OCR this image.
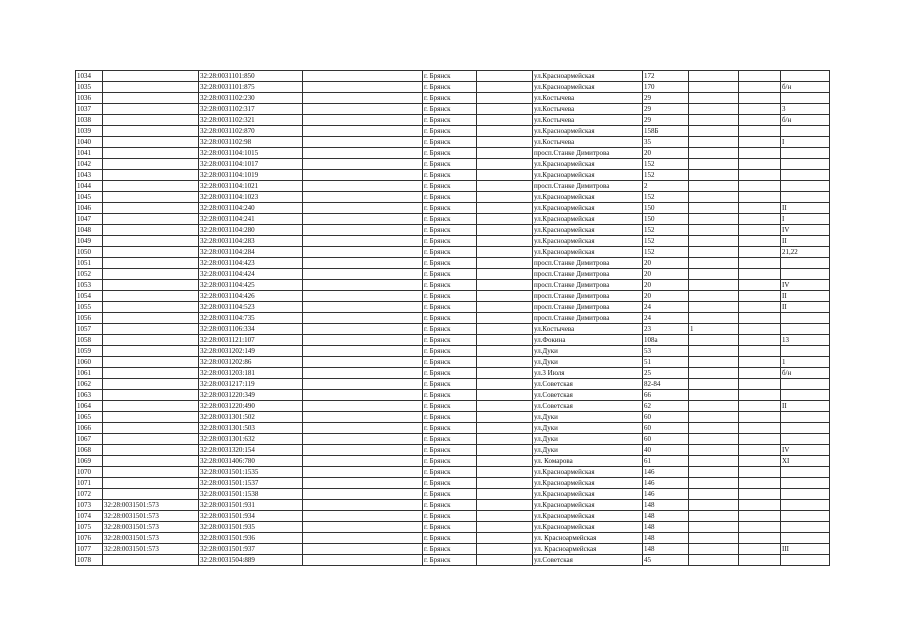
1034		32:28:0031101:850		г. Брянск		ул.Красноармейская	172			
1035		32:28:0031101:875		г. Брянск		ул.Красноармейская	170			б/н
1036		32:28:0031102:230		г. Брянск		ул.Костычева	29			
1037		32:28:0031102:317		г. Брянск		ул.Костычева	29			3
1038		32:28:0031102:321		г. Брянск		ул.Костычева	29			б/н
1039		32:28:0031102:870		г. Брянск		ул.Красноармейская	158Б			
1040		32:28:0031102:98		г. Брянск		ул.Костычева	35			I
1041		32:28:0031104:1015		г. Брянск		просп.Станке Димитрова	20			
1042		32:28:0031104:1017		г. Брянск		ул.Красноармейская	152			
1043		32:28:0031104:1019		г. Брянск		ул.Красноармейская	152			
1044		32:28:0031104:1021		г. Брянск		просп.Станке Димитрова	2			
1045		32:28:0031104:1023		г. Брянск		ул.Красноармейская	152			
1046		32:28:0031104:240		г. Брянск		ул.Красноармейская	150			II
1047		32:28:0031104:241		г. Брянск		ул.Красноармейская	150			I
1048		32:28:0031104:280		г. Брянск		ул.Красноармейская	152			IV
1049		32:28:0031104:283		г. Брянск		ул.Красноармейская	152			II
1050		32:28:0031104:284		г. Брянск		ул.Красноармейская	152			21,22
1051		32:28:0031104:423		г. Брянск		просп.Станке Димитрова	20			
1052		32:28:0031104:424		г. Брянск		просп.Станке Димитрова	20			
1053		32:28:0031104:425		г. Брянск		просп.Станке Димитрова	20			IV
1054		32:28:0031104:426		г. Брянск		просп.Станке Димитрова	20			II
1055		32:28:0031104:523		г. Брянск		просп.Станке Димитрова	24			II
1056		32:28:0031104:735		г. Брянск		просп.Станке Димитрова	24			
1057		32:28:0031106:334		г. Брянск		ул.Костычева	23	1		
1058		32:28:0031121:107		г. Брянск		ул.Фокина	108а			13
1059		32:28:0031202:149		г. Брянск		ул.Дуки	53			
1060		32:28:0031202:86		г. Брянск		ул.Дуки	51			1
1061		32:28:0031203:181		г. Брянск		ул.3 Июля	25			б/н
1062		32:28:0031217:119		г. Брянск		ул.Советская	82-84			
1063		32:28:0031220:349		г. Брянск		ул.Советская	66			
1064		32:28:0031220:490		г. Брянск		ул.Советская	62			II
1065		32:28:0031301:502		г. Брянск		ул.Дуки	60			
1066		32:28:0031301:503		г. Брянск		ул.Дуки	60			
1067		32:28:0031301:632		г. Брянск		ул.Дуки	60			
1068		32:28:0031320:154		г. Брянск		ул.Дуки	40			IV
1069		32:28:0031406:780		г. Брянск		ул. Комарова	61			XI
1070		32:28:0031501:1535		г. Брянск		ул.Красноармейская	146			
1071		32:28:0031501:1537		г. Брянск		ул.Красноармейская	146			
1072		32:28:0031501:1538		г. Брянск		ул.Красноармейская	146			
1073	32:28:0031501:573	32:28:0031501:931		г. Брянск		ул.Красноармейская	148			
1074	32:28:0031501:573	32:28:0031501:934		г. Брянск		ул.Красноармейская	148			
1075	32:28:0031501:573	32:28:0031501:935		г. Брянск		ул.Красноармейская	148			
1076	32:28:0031501:573	32:28:0031501:936		г. Брянск		ул. Красноармейская	148			
1077	32:28:0031501:573	32:28:0031501:937		г. Брянск		ул. Красноармейская	148			III
1078		32:28:0031504:889		г. Брянск		ул.Советская	45			
